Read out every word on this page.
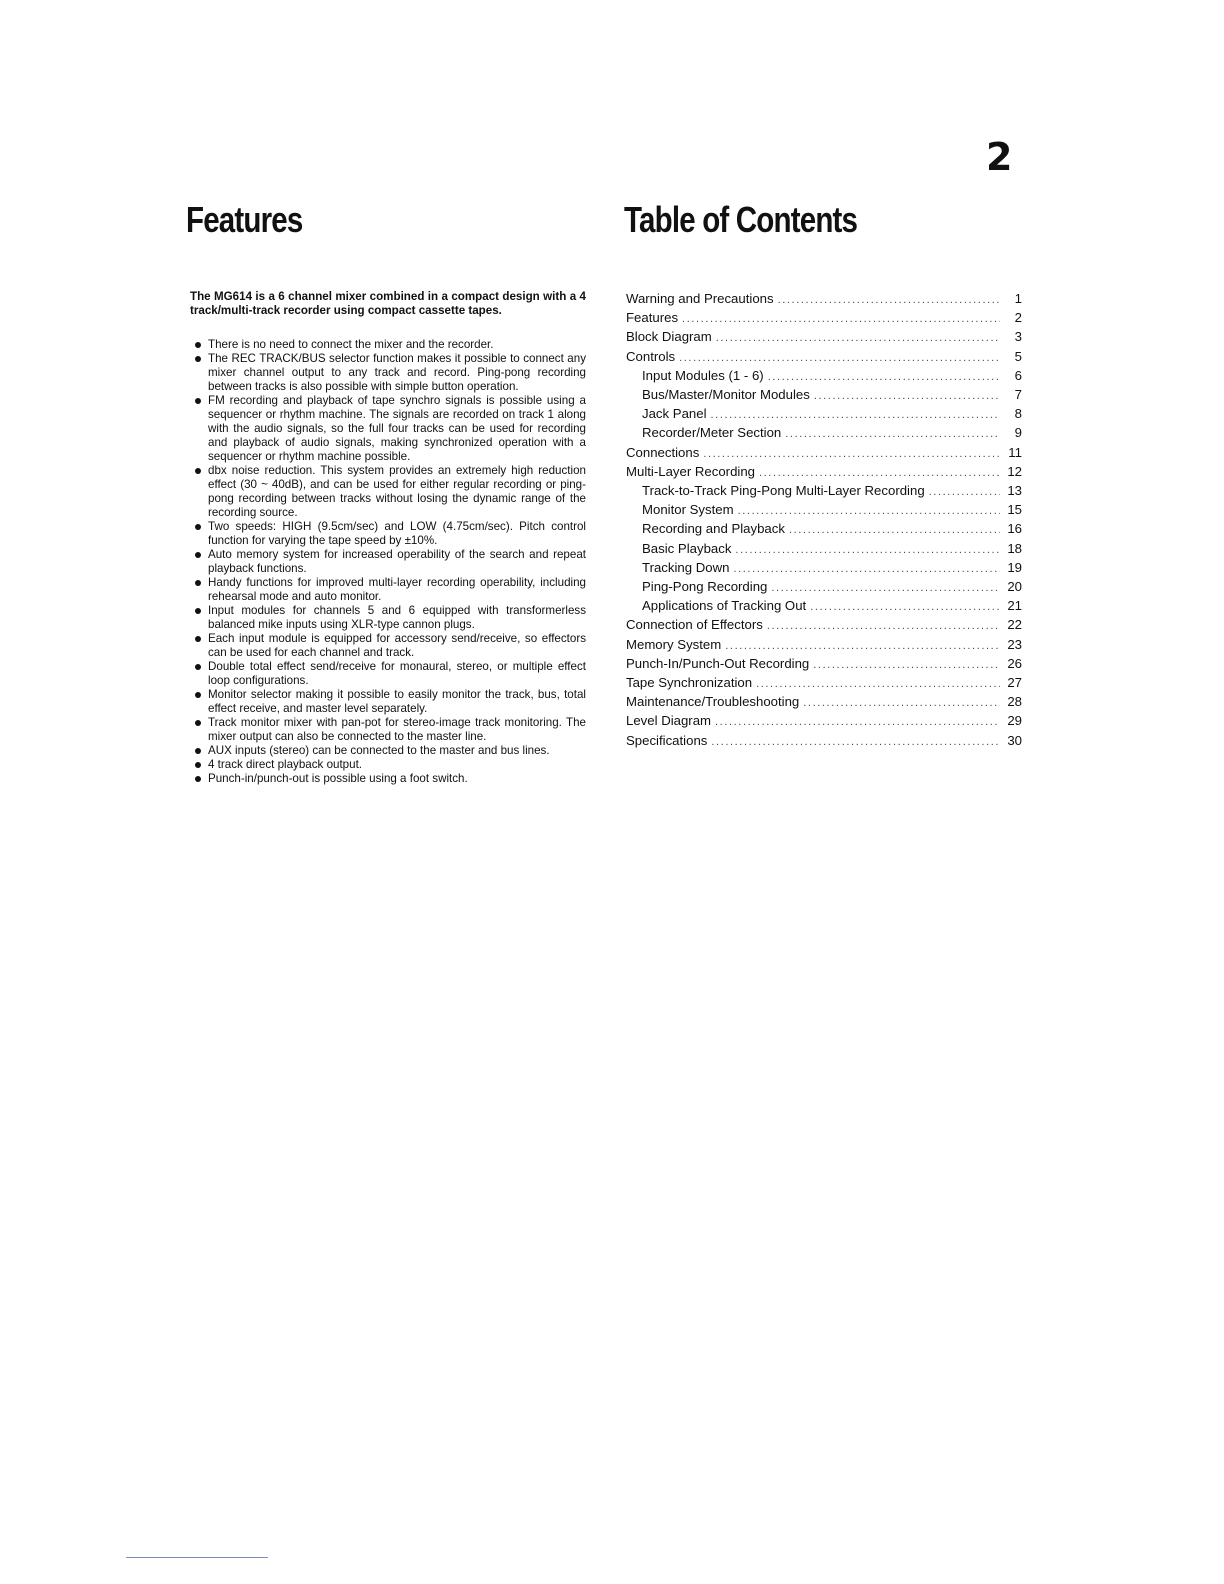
2
Features	Table of Contents

The MG614 is a 6 channel mixer combined in a compact design with a 4 track/multi-track recorder using compact cassette tapes.

There is no need to connect the mixer and the recorder.
The REC TRACK/BUS selector function makes it possible to connect any mixer channel output to any track and record. Ping-pong recording between tracks is also possible with simple button operation.
FM recording and playback of tape synchro signals is possible using a sequencer or rhythm machine. The signals are recorded on track 1 along with the audio signals, so the full four tracks can be used for recording and playback of audio signals, making synchronized operation with a sequencer or rhythm machine possible.
dbx noise reduction. This system provides an extremely high reduction effect (30 ~ 40dB), and can be used for either regular recording or ping-pong recording between tracks without losing the dynamic range of the recording source.
Two speeds: HIGH (9.5cm/sec) and LOW (4.75cm/sec). Pitch control function for varying the tape speed by ±10%.
Auto memory system for increased operability of the search and repeat playback functions.
Handy functions for improved multi-layer recording operability, including rehearsal mode and auto monitor.
Input modules for channels 5 and 6 equipped with transformerless balanced mike inputs using XLR-type cannon plugs.
Each input module is equipped for accessory send/receive, so effectors can be used for each channel and track.
Double total effect send/receive for monaural, stereo, or multiple effect loop configurations.
Monitor selector making it possible to easily monitor the track, bus, total effect receive, and master level separately.
Track monitor mixer with pan-pot for stereo-image track monitoring. The mixer output can also be connected to the master line.
AUX inputs (stereo) can be connected to the master and bus lines.
4 track direct playback output.
Punch-in/punch-out is possible using a foot switch.
Warning and Precautions .....	1
Features .....	2
Block Diagram .....	3
Controls .....	5
Input Modules (1 - 6) .....	6
Bus/Master/Monitor Modules .....	7
Jack Panel .....	8
Recorder/Meter Section .....	9
Connections .....	11
Multi-Layer Recording .....	12
Track-to-Track Ping-Pong Multi-Layer Recording .....	13
Monitor System .....	15
Recording and Playback .....	16
Basic Playback .....	18
Tracking Down .....	19
Ping-Pong Recording .....	20
Applications of Tracking Out .....	21
Connection of Effectors .....	22
Memory System .....	23
Punch-In/Punch-Out Recording .....	26
Tape Synchronization .....	27
Maintenance/Troubleshooting .....	28
Level Diagram .....	29
Specifications .....	30
